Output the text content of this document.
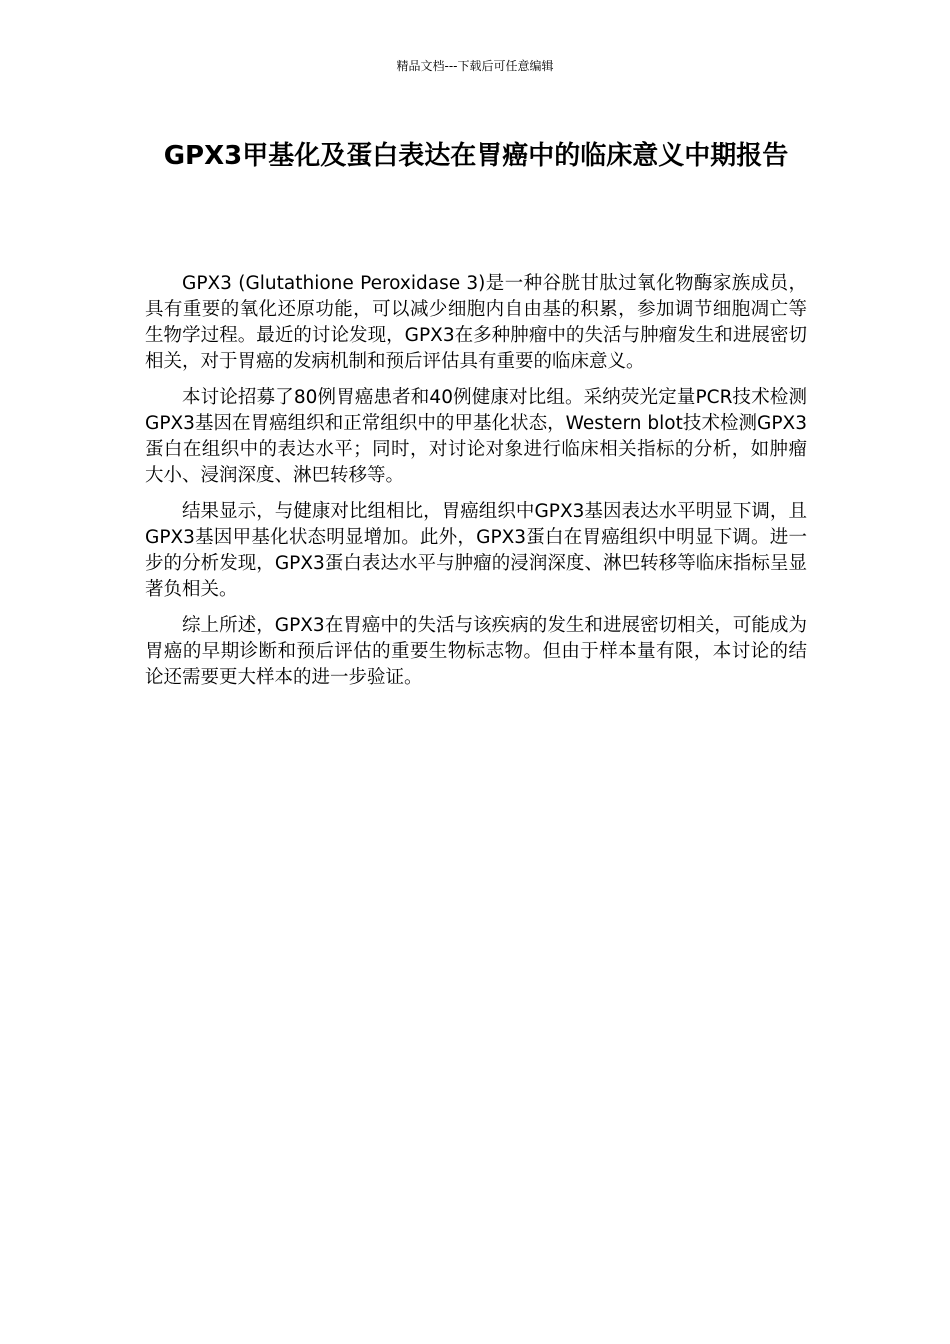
精品文档---下载后可任意编辑
GPX3甲基化及蛋白表达在胃癌中的临床意义中期报告

GPX3 (Glutathione Peroxidase 3)是一种谷胱甘肽过氧化物酶家族成员，具有重要的氧化还原功能，可以减少细胞内自由基的积累，参加调节细胞凋亡等生物学过程。最近的讨论发现，GPX3在多种肿瘤中的失活与肿瘤发生和进展密切相关，对于胃癌的发病机制和预后评估具有重要的临床意义。

本讨论招募了80例胃癌患者和40例健康对比组。采纳荧光定量PCR技术检测GPX3基因在胃癌组织和正常组织中的甲基化状态，Western blot技术检测GPX3蛋白在组织中的表达水平；同时，对讨论对象进行临床相关指标的分析，如肿瘤大小、浸润深度、淋巴转移等。

结果显示，与健康对比组相比，胃癌组织中GPX3基因表达水平明显下调，且GPX3基因甲基化状态明显增加。此外，GPX3蛋白在胃癌组织中明显下调。进一步的分析发现，GPX3蛋白表达水平与肿瘤的浸润深度、淋巴转移等临床指标呈显著负相关。

综上所述，GPX3在胃癌中的失活与该疾病的发生和进展密切相关，可能成为胃癌的早期诊断和预后评估的重要生物标志物。但由于样本量有限，本讨论的结论还需要更大样本的进一步验证。
